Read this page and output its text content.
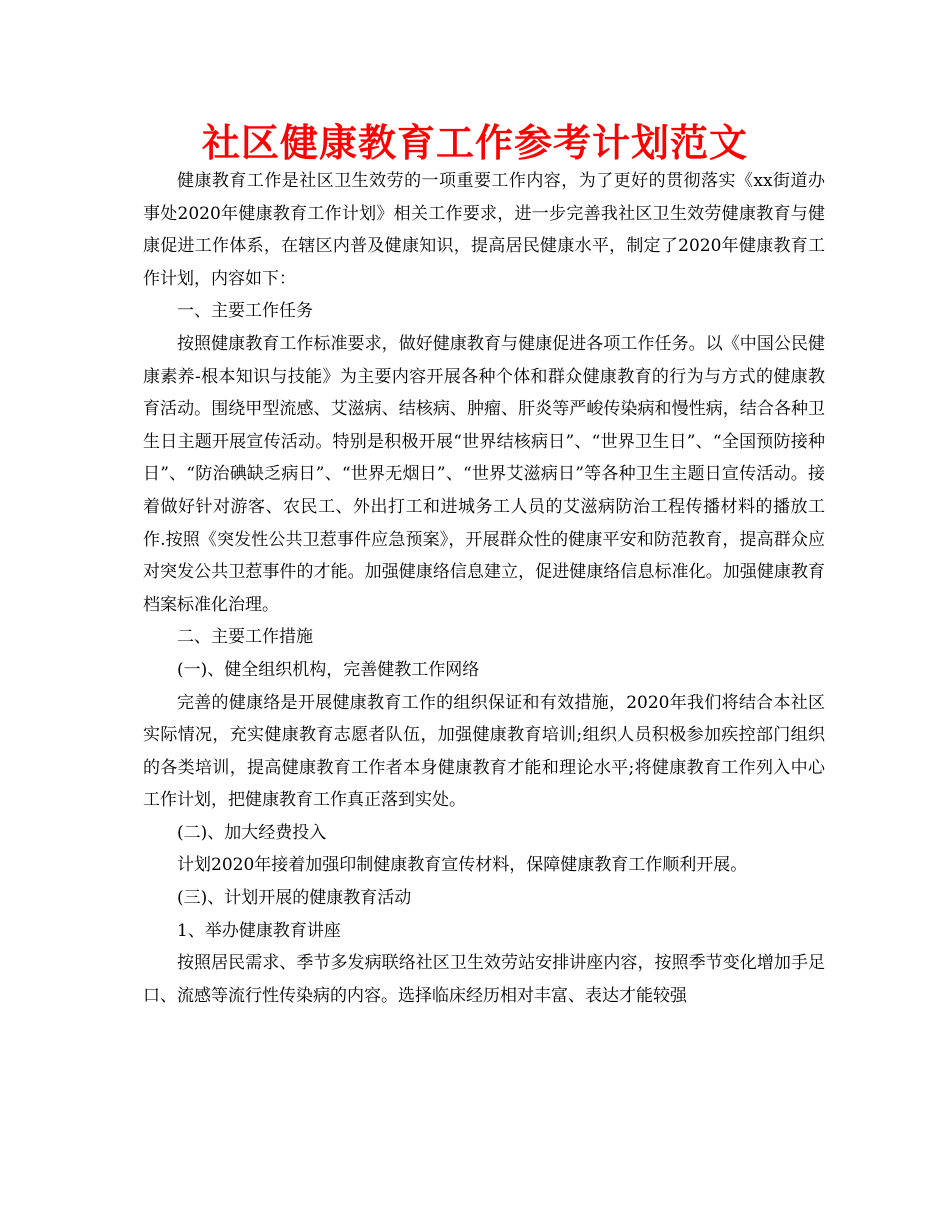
社区健康教育工作参考计划范文

健康教育工作是社区卫生效劳的一项重要工作内容，为了更好的贯彻落实《xx街道办事处2020年健康教育工作计划》相关工作要求，进一步完善我社区卫生效劳健康教育与健康促进工作体系，在辖区内普及健康知识，提高居民健康水平，制定了2020年健康教育工作计划，内容如下：

一、主要工作任务

按照健康教育工作标准要求，做好健康教育与健康促进各项工作任务。以《中国公民健康素养-根本知识与技能》为主要内容开展各种个体和群众健康教育的行为与方式的健康教育活动。围绕甲型流感、艾滋病、结核病、肿瘤、肝炎等严峻传染病和慢性病，结合各种卫生日主题开展宣传活动。特别是积极开展“世界结核病日”、“世界卫生日”、“全国预防接种日”、“防治碘缺乏病日”、“世界无烟日”、“世界艾滋病日”等各种卫生主题日宣传活动。接着做好针对游客、农民工、外出打工和进城务工人员的艾滋病防治工程传播材料的播放工作.按照《突发性公共卫惹事件应急预案》，开展群众性的健康平安和防范教育，提高群众应对突发公共卫惹事件的才能。加强健康络信息建立，促进健康络信息标准化。加强健康教育档案标准化治理。

二、主要工作措施

(一)、健全组织机构，完善健教工作网络

完善的健康络是开展健康教育工作的组织保证和有效措施，2020年我们将结合本社区实际情况，充实健康教育志愿者队伍，加强健康教育培训;组织人员积极参加疾控部门组织的各类培训，提高健康教育工作者本身健康教育才能和理论水平;将健康教育工作列入中心工作计划，把健康教育工作真正落到实处。

(二)、加大经费投入

计划2020年接着加强印制健康教育宣传材料，保障健康教育工作顺利开展。

(三)、计划开展的健康教育活动

1、举办健康教育讲座

按照居民需求、季节多发病联络社区卫生效劳站安排讲座内容，按照季节变化增加手足口、流感等流行性传染病的内容。选择临床经历相对丰富、表达才能较强
